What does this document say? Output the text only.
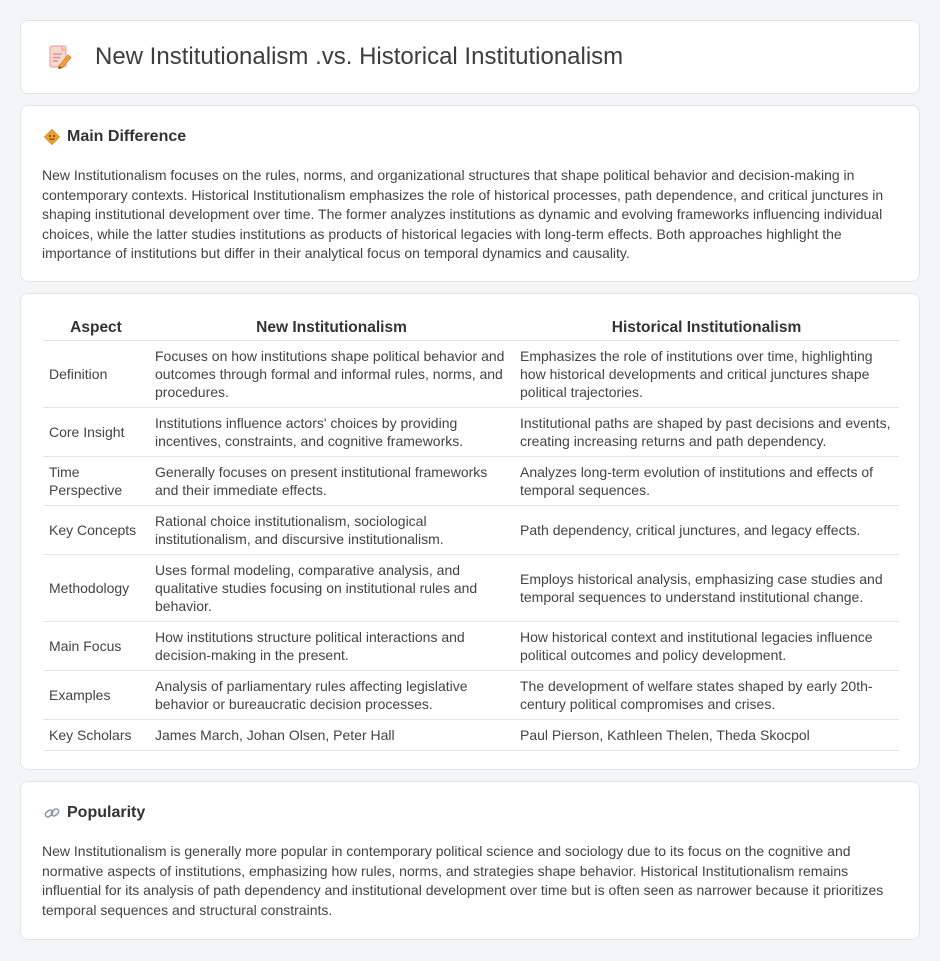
New Institutionalism .vs. Historical Institutionalism
Main Difference

New Institutionalism focuses on the rules, norms, and organizational structures that shape political behavior and decision-making in contemporary contexts. Historical Institutionalism emphasizes the role of historical processes, path dependence, and critical junctures in shaping institutional development over time. The former analyzes institutions as dynamic and evolving frameworks influencing individual choices, while the latter studies institutions as products of historical legacies with long-term effects. Both approaches highlight the importance of institutions but differ in their analytical focus on temporal dynamics and causality.

Aspect	New Institutionalism	Historical Institutionalism
Definition	Focuses on how institutions shape political behavior and outcomes through formal and informal rules, norms, and procedures.	Emphasizes the role of institutions over time, highlighting how historical developments and critical junctures shape political trajectories.
Core Insight	Institutions influence actors' choices by providing incentives, constraints, and cognitive frameworks.	Institutional paths are shaped by past decisions and events, creating increasing returns and path dependency.
Time Perspective	Generally focuses on present institutional frameworks and their immediate effects.	Analyzes long-term evolution of institutions and effects of temporal sequences.
Key Concepts	Rational choice institutionalism, sociological institutionalism, and discursive institutionalism.	Path dependency, critical junctures, and legacy effects.
Methodology	Uses formal modeling, comparative analysis, and qualitative studies focusing on institutional rules and behavior.	Employs historical analysis, emphasizing case studies and temporal sequences to understand institutional change.
Main Focus	How institutions structure political interactions and decision-making in the present.	How historical context and institutional legacies influence political outcomes and policy development.
Examples	Analysis of parliamentary rules affecting legislative behavior or bureaucratic decision processes.	The development of welfare states shaped by early 20th-century political compromises and crises.
Key Scholars	James March, Johan Olsen, Peter Hall	Paul Pierson, Kathleen Thelen, Theda Skocpol
Popularity

New Institutionalism is generally more popular in contemporary political science and sociology due to its focus on the cognitive and normative aspects of institutions, emphasizing how rules, norms, and strategies shape behavior. Historical Institutionalism remains influential for its analysis of path dependency and institutional development over time but is often seen as narrower because it prioritizes temporal sequences and structural constraints.
